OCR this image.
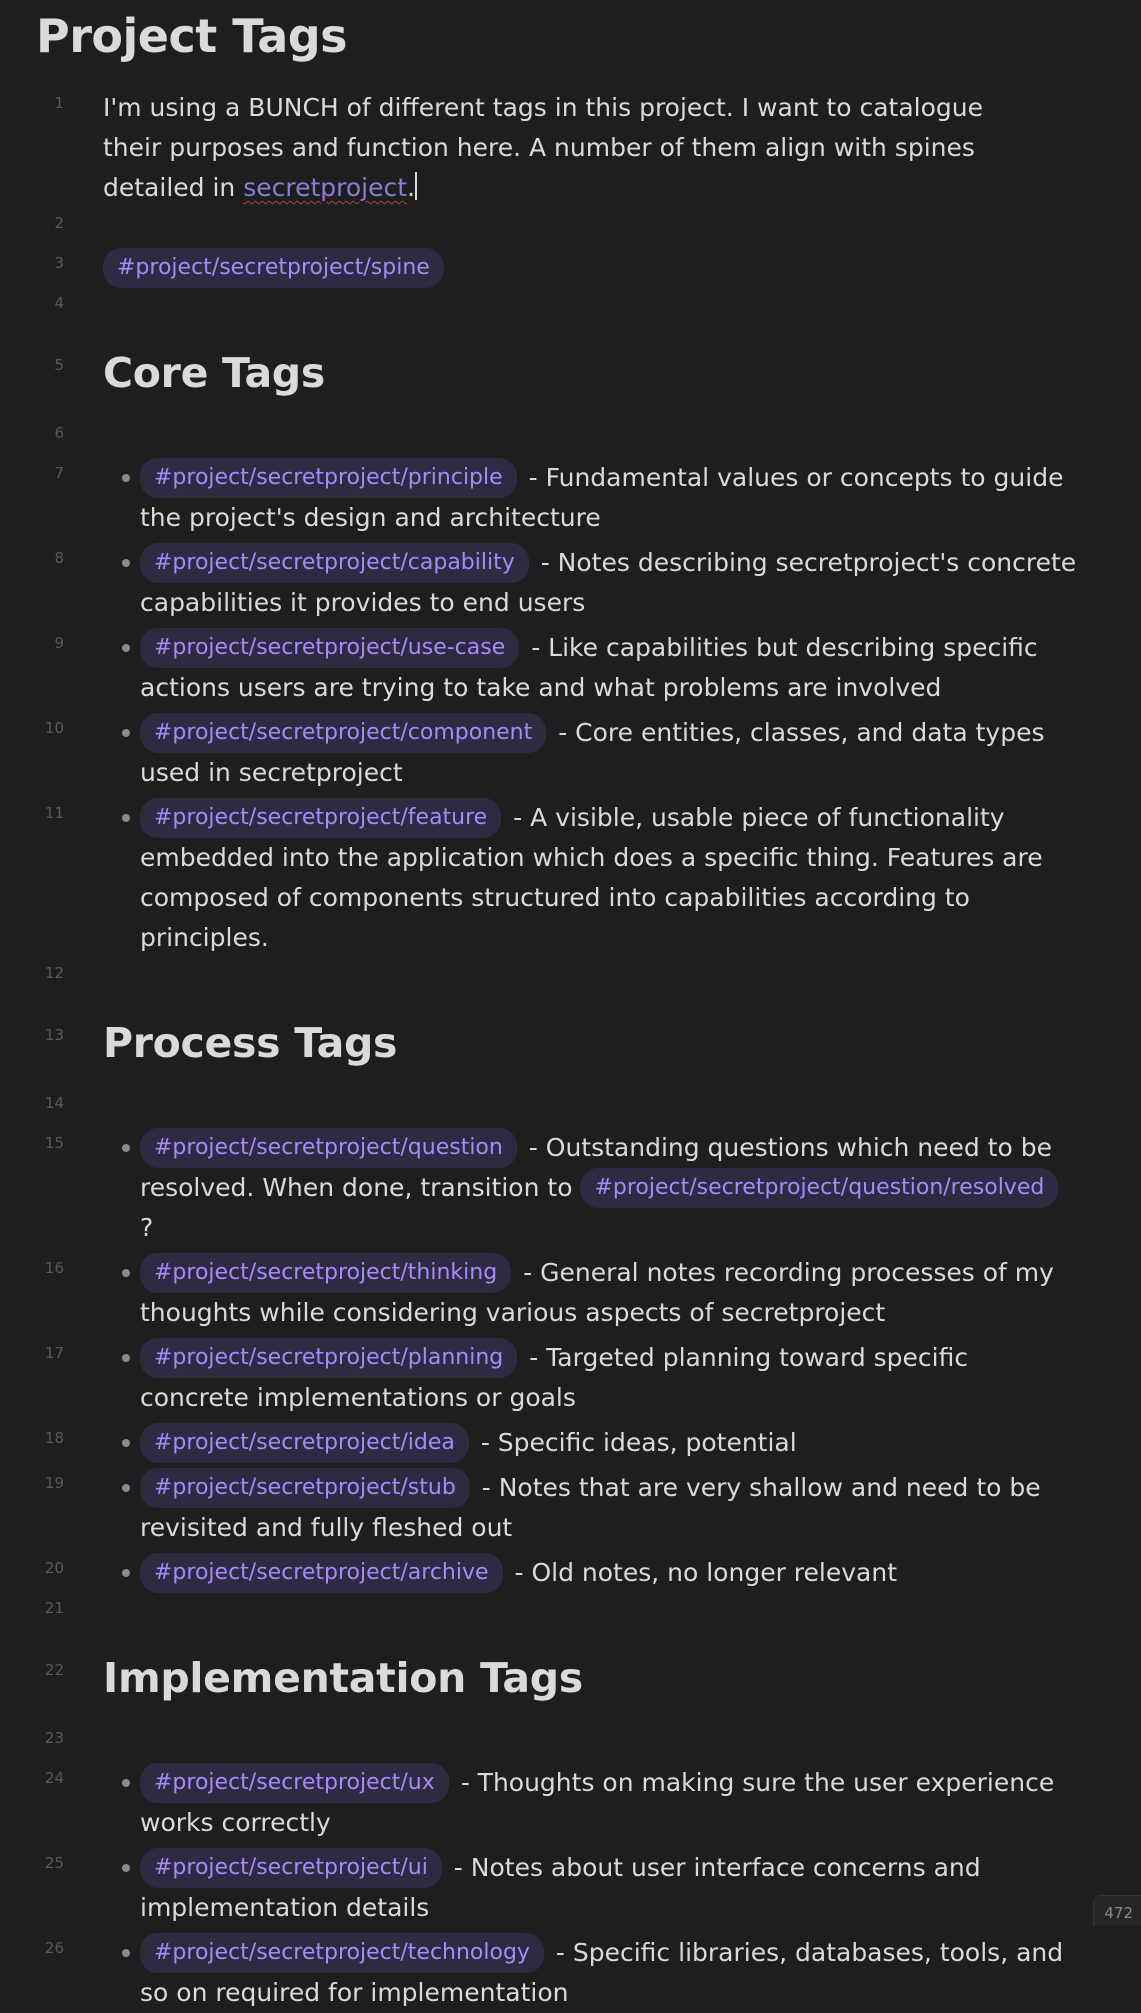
Project Tags
1 I'm using a BUNCH of different tags in this project. I want to catalogue their purposes and function here. A number of them align with spines detailed in secretproject.
2
3	#project/secretproject/spine
4
5 Core Tags
6
7	#project/secretproject/principle - Fundamental values or concepts to guide the project's design and architecture
8	#project/secretproject/capability - Notes describing secretproject's concrete capabilities it provides to end users
9	#project/secretproject/use-case - Like capabilities but describing specific actions users are trying to take and what problems are involved
10	#project/secretproject/component - Core entities, classes, and data types used in secretproject
11	#project/secretproject/feature - A visible, usable piece of functionality embedded into the application which does a specific thing. Features are composed of components structured into capabilities according to principles.
12
13 Process Tags
14
15	#project/secretproject/question - Outstanding questions which need to be resolved. When done, transition to #project/secretproject/question/resolved ?
16	#project/secretproject/thinking - General notes recording processes of my thoughts while considering various aspects of secretproject
17	#project/secretproject/planning - Targeted planning toward specific concrete implementations or goals
18	#project/secretproject/idea - Specific ideas, potential
19	#project/secretproject/stub - Notes that are very shallow and need to be revisited and fully fleshed out
20	#project/secretproject/archive - Old notes, no longer relevant
21
22 Implementation Tags
23
24	#project/secretproject/ux - Thoughts on making sure the user experience works correctly
25	#project/secretproject/ui - Notes about user interface concerns and implementation details
26	#project/secretproject/technology - Specific libraries, databases, tools, and so on required for implementation
472
